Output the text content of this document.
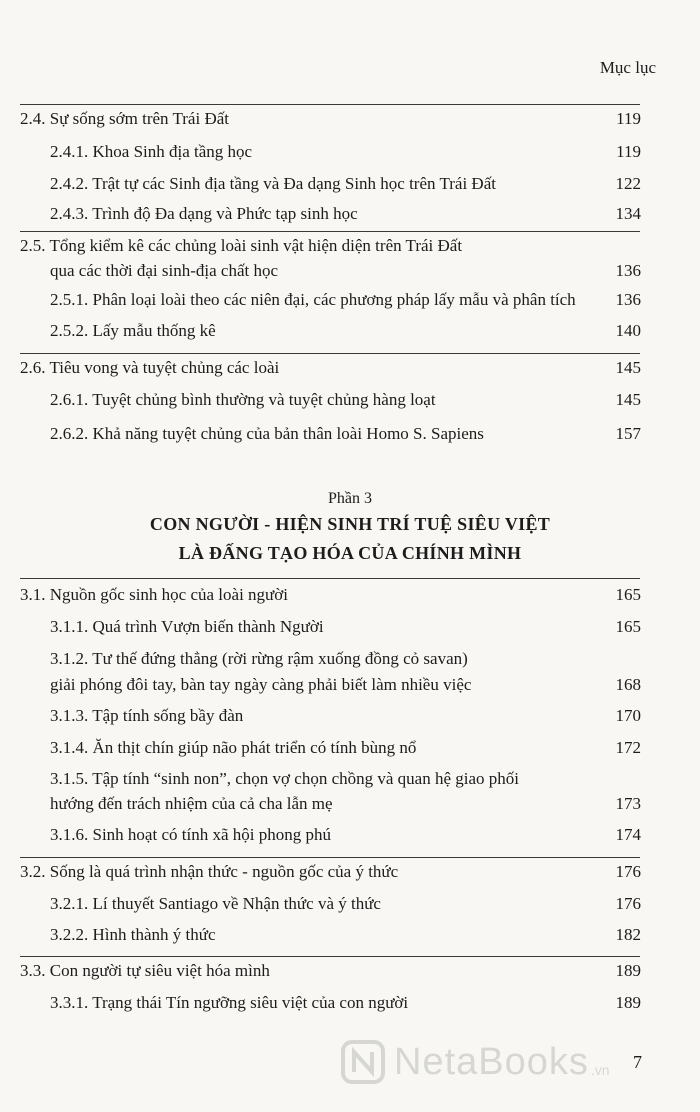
Mục lục
2.4. Sự sống sớm trên Trái Đất	119
2.4.1. Khoa Sinh địa tầng học	119
2.4.2. Trật tự các Sinh địa tầng và Đa dạng Sinh học trên Trái Đất	122
2.4.3. Trình độ Đa dạng và Phức tạp sinh học	134
2.5. Tổng kiểm kê các chủng loài sinh vật hiện diện trên Trái Đất
qua các thời đại sinh-địa chất học	136
2.5.1. Phân loại loài theo các niên đại, các phương pháp lấy mẫu và phân tích 136
2.5.2. Lấy mẫu thống kê	140
2.6. Tiêu vong và tuyệt chủng các loài	145
2.6.1. Tuyệt chủng bình thường và tuyệt chủng hàng loạt	145
2.6.2. Khả năng tuyệt chủng của bản thân loài Homo S. Sapiens	157
Phần 3
CON NGƯỜI - HIỆN SINH TRÍ TUỆ SIÊU VIỆT
LÀ ĐẤNG TẠO HÓA CỦA CHÍNH MÌNH
3.1. Nguồn gốc sinh học của loài người	165
3.1.1. Quá trình Vượn biến thành Người	165
3.1.2. Tư thế đứng thẳng (rời rừng rậm xuống đồng cỏ savan)
giải phóng đôi tay, bàn tay ngày càng phải biết làm nhiều việc	168
3.1.3. Tập tính sống bầy đàn	170
3.1.4. Ăn thịt chín giúp não phát triển có tính bùng nổ	172
3.1.5. Tập tính “sinh non”, chọn vợ chọn chồng và quan hệ giao phối
hướng đến trách nhiệm của cả cha lẫn mẹ	173
3.1.6. Sinh hoạt có tính xã hội phong phú	174
3.2. Sống là quá trình nhận thức - nguồn gốc của ý thức	176
3.2.1. Lí thuyết Santiago về Nhận thức và ý thức	176
3.2.2. Hình thành ý thức	182
3.3. Con người tự siêu việt hóa mình	189
3.3.1. Trạng thái Tín ngưỡng siêu việt của con người	189
NetaBooks .vn 7
